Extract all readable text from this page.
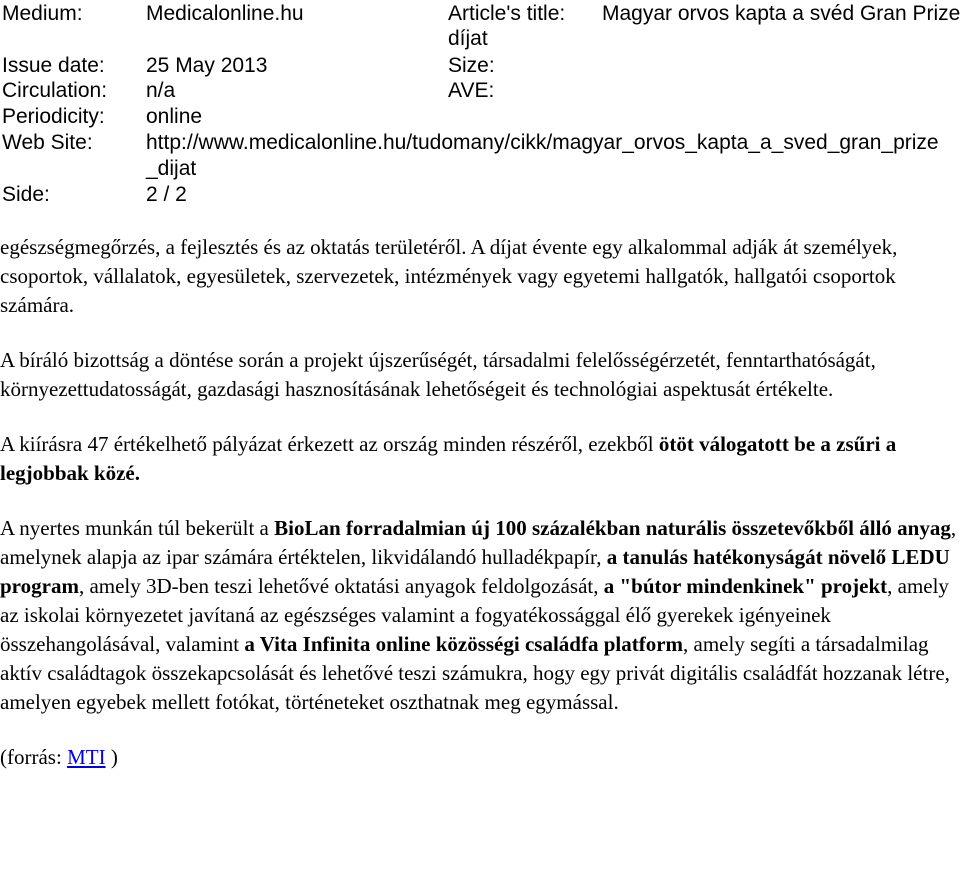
Medium:	Medicalonline.hu	Article's title: Magyar orvos kapta a svéd Gran Prize
díjat
Issue date: 25 May 2013	Size:
Circulation: n/a	AVE:
Periodicity: online
Web Site:	http://www.medicalonline.hu/tudomany/cikk/magyar_orvos_kapta_a_sved_gran_prize
_dijat
Side:	2 / 2

egészségmegőrzés, a fejlesztés és az oktatás területéről. A díjat évente egy alkalommal adják át személyek, csoportok, vállalatok, egyesületek, szervezetek, intézmények vagy egyetemi hallgatók, hallgatói csoportok számára.

A bíráló bizottság a döntése során a projekt újszerűségét, társadalmi felelősségérzetét, fenntarthatóságát, környezettudatosságát, gazdasági hasznosításának lehetőségeit és technológiai aspektusát értékelte.

A kiírásra 47 értékelhető pályázat érkezett az ország minden részéről, ezekből ötöt válogatott be a zsűri a legjobbak közé.

A nyertes munkán túl bekerült a BioLan forradalmian új 100 százalékban naturális összetevőkből álló anyag, amelynek alapja az ipar számára értéktelen, likvidálandó hulladékpapír, a tanulás hatékonyságát növelő LEDU program, amely 3D-ben teszi lehetővé oktatási anyagok feldolgozását, a "bútor mindenkinek" projekt, amely az iskolai környezetet javítaná az egészséges valamint a fogyatékossággal élő gyerekek igényeinek összehangolásával, valamint a Vita Infinita online közösségi családfa platform, amely segíti a társadalmilag aktív családtagok összekapcsolását és lehetővé teszi számukra, hogy egy privát digitális családfát hozzanak létre, amelyen egyebek mellett fotókat, történeteket oszthatnak meg egymással.

(forrás: MTI )
